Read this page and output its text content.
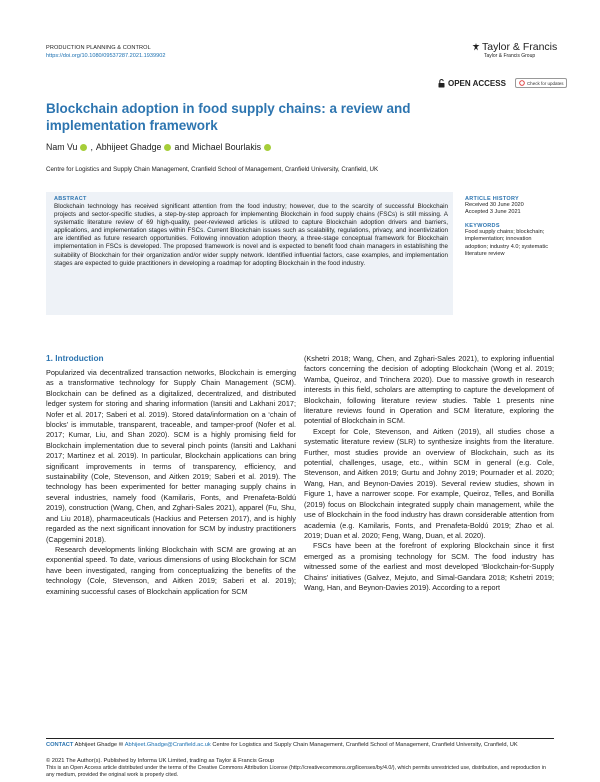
PRODUCTION PLANNING & CONTROL
https://doi.org/10.1080/09537287.2021.1939902
Taylor & Francis
Taylor & Francis Group
OPEN ACCESS	Check for updates
Blockchain adoption in food supply chains: a review and implementation framework
Nam Vu , Abhijeet Ghadge and Michael Bourlakis
Centre for Logistics and Supply Chain Management, Cranfield School of Management, Cranfield University, Cranfield, UK
ABSTRACT
Blockchain technology has received significant attention from the food industry; however, due to the scarcity of successful Blockchain projects and sector-specific studies, a step-by-step approach for implementing Blockchain in food supply chains (FSCs) is still missing. A systematic literature review of 69 high-quality, peer-reviewed articles is utilized to capture Blockchain adoption drivers and barriers, applications, and implementation stages within FSCs. Current Blockchain issues such as scalability, regulations, privacy, and incentivization are identified as future research opportunities. Following innovation adoption theory, a three-stage conceptual framework for Blockchain implementation in FSCs is developed. The proposed framework is novel and is expected to benefit food chain managers in establishing the suitability of Blockchain for their organization and/or wider supply network. Identified influential factors, case examples, and implementation stages are expected to guide practitioners in developing a roadmap for adopting Blockchain in the food industry.
ARTICLE HISTORY
Received 30 June 2020
Accepted 3 June 2021
KEYWORDS
Food supply chains; blockchain; implementation; innovation adoption; industry 4.0; systematic literature review
1. Introduction

Popularized via decentralized transaction networks, Blockchain is emerging as a transformative technology for Supply Chain Management (SCM). Blockchain can be defined as a digitalized, decentralized, and distributed ledger system for storing and sharing information (Iansiti and Lakhani 2017; Nofer et al. 2017; Saberi et al. 2019). Stored data/information on a ‘chain of blocks’ is immutable, transparent, traceable, and tamper-proof (Nofer et al. 2017; Kumar, Liu, and Shan 2020). SCM is a highly promising field for Blockchain implementation due to several pinch points (Iansiti and Lakhani 2017; Martinez et al. 2019). In particular, Blockchain applications can bring significant improvements in terms of transparency, efficiency, and sustainability (Cole, Stevenson, and Aitken 2019; Saberi et al. 2019). The technology has been experimented for better managing supply chains in several industries, namely food (Kamilaris, Fonts, and Prenafeta-Boldú 2019), construction (Wang, Chen, and Zghari-Sales 2021), apparel (Fu, Shu, and Liu 2018), pharmaceuticals (Hackius and Petersen 2017), and is highly regarded as the next significant innovation for SCM by industry practitioners (Capgemini 2018).

Research developments linking Blockchain with SCM are growing at an exponential speed. To date, various dimensions of using Blockchain for SCM have been investigated, ranging from conceptualizing the benefits of the technology (Cole, Stevenson, and Aitken 2019; Saberi et al. 2019); examining successful cases of Blockchain application for SCM

(Kshetri 2018; Wang, Chen, and Zghari-Sales 2021), to exploring influential factors concerning the decision of adopting Blockchain (Wong et al. 2019; Wamba, Queiroz, and Trinchera 2020). Due to massive growth in research interests in this field, scholars are attempting to capture the development of Blockchain, following literature review studies. Table 1 presents nine literature reviews found in Operation and SCM literature, exploring the potential of Blockchain in SCM.

Except for Cole, Stevenson, and Aitken (2019), all studies chose a systematic literature review (SLR) to synthesize insights from the literature. Further, most studies provide an overview of Blockchain, such as its potential, challenges, usage, etc., within SCM in general (e.g. Cole, Stevenson, and Aitken 2019; Gurtu and Johny 2019; Pournader et al. 2020; Wang, Han, and Beynon-Davies 2019). Several review studies, shown in Figure 1, have a narrower scope. For example, Queiroz, Telles, and Bonilla (2019) focus on Blockchain integrated supply chain management, while the use of Blockchain in the food industry has drawn considerable attention from academia (e.g. Kamilaris, Fonts, and Prenafeta-Boldú 2019; Zhao et al. 2019; Duan et al. 2020; Feng, Wang, Duan, et al. 2020).

FSCs have been at the forefront of exploring Blockchain since it first emerged as a promising technology for SCM. The food industry has witnessed some of the earliest and most developed ‘Blockchain-for-Supply Chains’ initiatives (Galvez, Mejuto, and Simal-Gandara 2018; Kshetri 2019; Wang, Han, and Beynon-Davies 2019). According to a report

CONTACT Abhijeet Ghadge ✉ Abhijeet.Ghadge@Cranfield.ac.uk Centre for Logistics and Supply Chain Management, Cranfield School of Management, Cranfield University, Cranfield, UK
© 2021 The Author(s). Published by Informa UK Limited, trading as Taylor & Francis Group
This is an Open Access article distributed under the terms of the Creative Commons Attribution License (http://creativecommons.org/licenses/by/4.0/), which permits unrestricted use, distribution, and reproduction in any medium, provided the original work is properly cited.
